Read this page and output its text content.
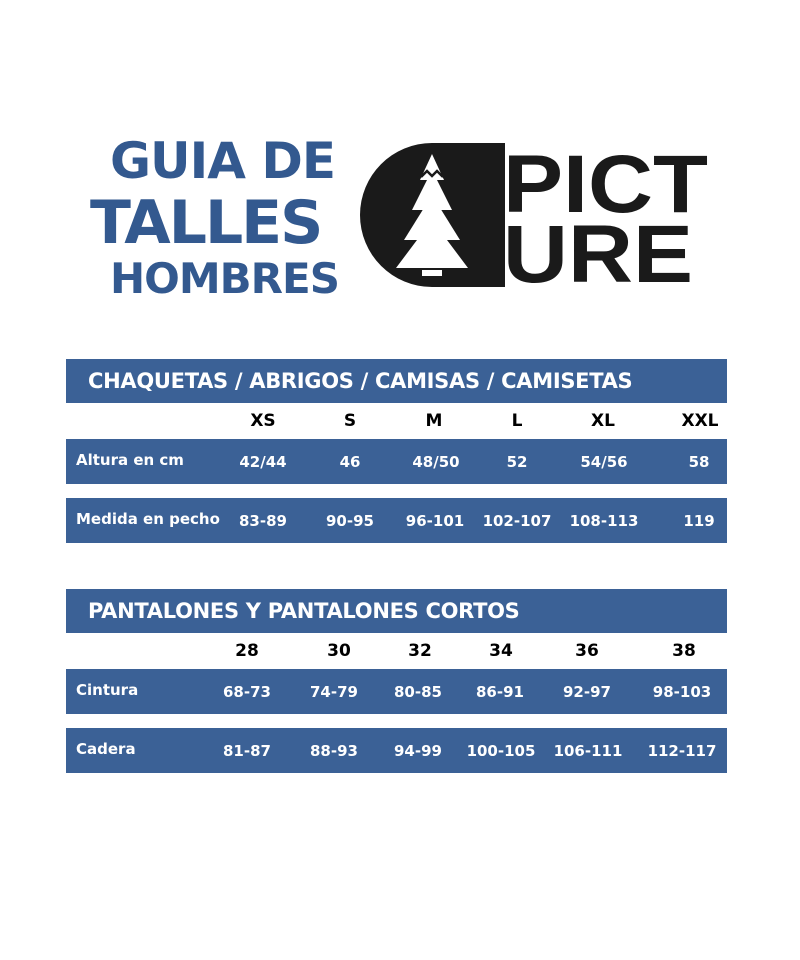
GUIA DE
TALLES
HOMBRES
PICT
URE
CHAQUETAS / ABRIGOS / CAMISAS / CAMISETAS
XS	S	M	L	XL	XXL
Altura en cm	42/44	46	48/50	52	54/56	58
Medida en pecho	83-89	90-95	96-101	102-107	108-113	119
PANTALONES Y PANTALONES CORTOS
28	30	32	34	36	38
Cintura	68-73	74-79	80-85	86-91	92-97	98-103
Cadera	81-87	88-93	94-99	100-105	106-111	112-117
